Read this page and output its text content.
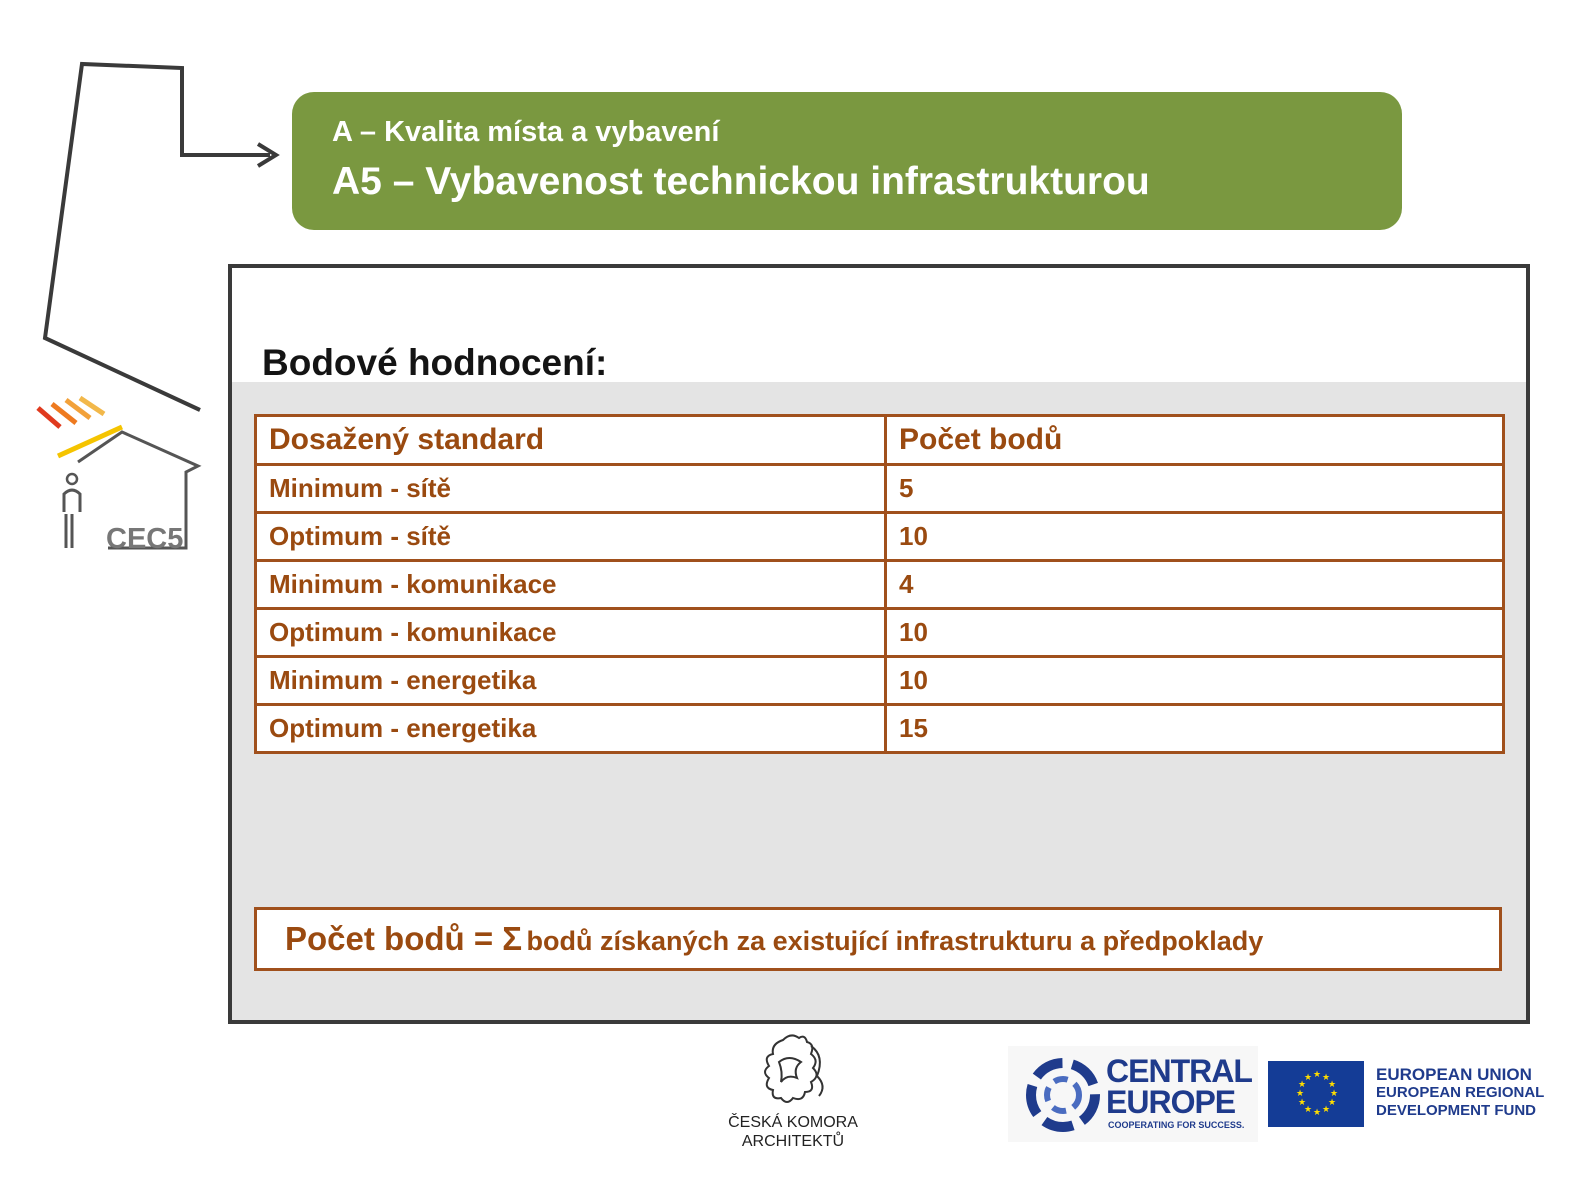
CEC5
A – Kvalita místa a vybavení
A5 – Vybavenost technickou infrastrukturou
Bodové hodnocení:
Dosažený standard	Počet bodů
Minimum - sítě	5
Optimum - sítě	10
Minimum - komunikace	4
Optimum - komunikace	10
Minimum - energetika	10
Optimum - energetika	15
Počet bodů = Σ bodů získaných za existující infrastrukturu a předpoklady
ČESKÁ KOMORA
ARCHITEKTŮ
CENTRAL
EUROPE
COOPERATING FOR SUCCESS.
★ ★
★
★
★
★
★
★
★
★
★
★	EUROPEAN UNION
EUROPEAN REGIONAL
DEVELOPMENT FUND
